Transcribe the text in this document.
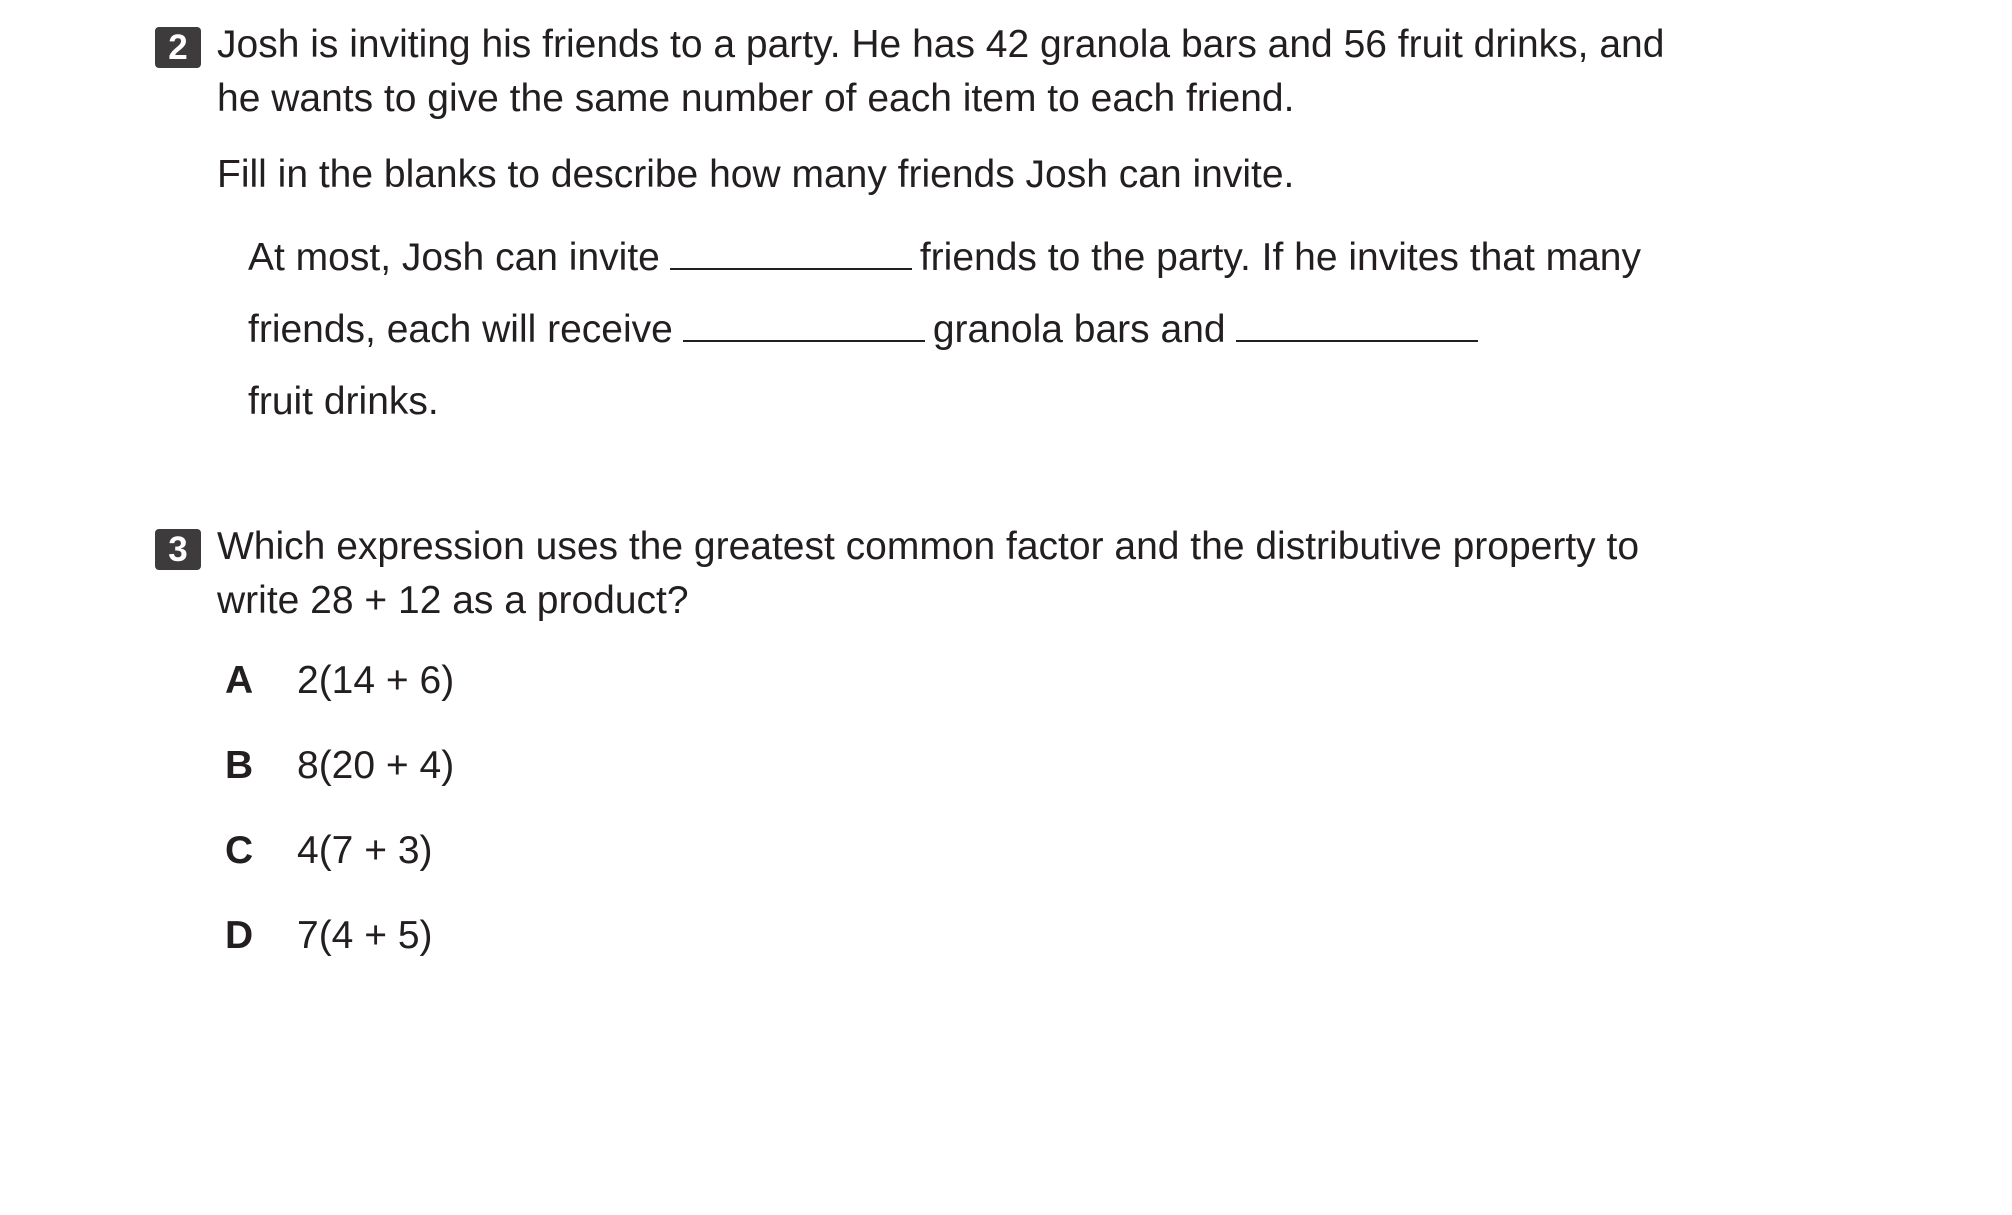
2 Josh is inviting his friends to a party. He has 42 granola bars and 56 fruit drinks, and he wants to give the same number of each item to each friend.
Fill in the blanks to describe how many friends Josh can invite.
At most, Josh can invite	friends to the party. If he invites that many friends, each will receive	granola bars and
fruit drinks.
3 Which expression uses the greatest common factor and the distributive property to write 28 + 12 as a product?
A	2(14 + 6)
B	8(20 + 4)
C	4(7 + 3)
D	7(4 + 5)
